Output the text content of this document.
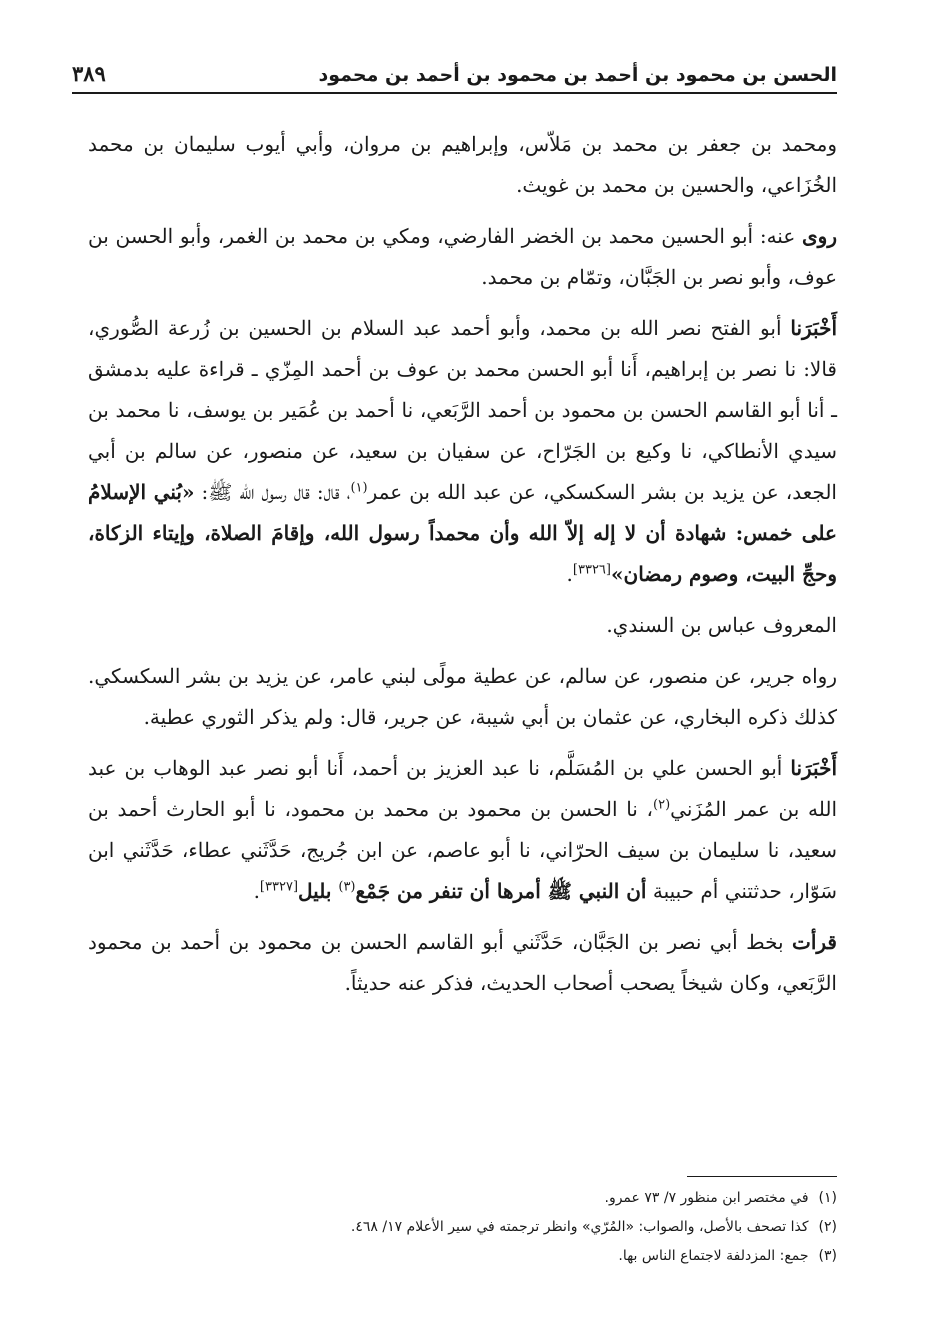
الحسن بن محمود بن أحمد بن محمود بن أحمد بن محمود
٣٨٩

ومحمد بن جعفر بن محمد بن مَلاّس، وإبراهيم بن مروان، وأبي أيوب سليمان بن محمد الخُزَاعي، والحسين بن محمد بن غويث.

روى عنه: أبو الحسين محمد بن الخضر الفارضي، ومكي بن محمد بن الغمر، وأبو الحسن بن عوف، وأبو نصر بن الجَبَّان، وتمّام بن محمد.

أَخْبَرَنا أبو الفتح نصر الله بن محمد، وأبو أحمد عبد السلام بن الحسين بن زُرعة الصُّوري، قالا: نا نصر بن إبراهيم، أَنا أبو الحسن محمد بن عوف بن أحمد المِزّي ـ قراءة عليه بدمشق ـ أنا أبو القاسم الحسن بن محمود بن أحمد الرَّبَعي، نا أحمد بن عُمَير بن يوسف، نا محمد بن سيدي الأنطاكي، نا وكيع بن الجَرّاح، عن سفيان بن سعيد، عن منصور، عن سالم بن أبي الجعد، عن يزيد بن بشر السكسكي، عن عبد الله بن عمر$^{(١)}$، قال: قال رسول الله ﷺ: «بُني الإسلامُ على خمس: شهادة أن لا إله إلاّ الله وأن محمداً رسول الله، وإقامَ الصلاة، وإيتاء الزكاة، وحجِّ البيت، وصوم رمضان»[٣٣٢٦].

المعروف عباس بن السندي.

رواه جرير، عن منصور، عن سالم، عن عطية مولًى لبني عامر، عن يزيد بن بشر السكسكي. كذلك ذكره البخاري، عن عثمان بن أبي شيبة، عن جرير، قال: ولم يذكر الثوري عطية.

أَخْبَرَنا أبو الحسن علي بن المُسَلَّم، نا عبد العزيز بن أحمد، أَنا أبو نصر عبد الوهاب بن عبد الله بن عمر المُزَني$^{(٢)}$، نا الحسن بن محمود بن محمد بن محمود، نا أبو الحارث أحمد بن سعيد، نا سليمان بن سيف الحرّاني، نا أبو عاصم، عن ابن جُريج، حَدَّثَني عطاء، حَدَّثَني ابن سَوّار، حدثتني أم حبيبة أن النبي ﷺ أمرها أن تنفر من جَمْع$^{(٣)}$ بليل[٣٣٢٧].

قرأت بخط أبي نصر بن الجَبَّان، حَدَّثَني أبو القاسم الحسن بن محمود بن أحمد بن محمود الرَّبَعي، وكان شيخاً يصحب أصحاب الحديث، فذكر عنه حديثاً.

(١)
في مختصر ابن منظور ٧/ ٧٣ عمرو.
(٢)
كذا تصحف بالأصل، والصواب: «المُرّي» وانظر ترجمته في سير الأعلام ١٧/ ٤٦٨.
(٣)
جمع: المزدلفة لاجتماع الناس بها.
